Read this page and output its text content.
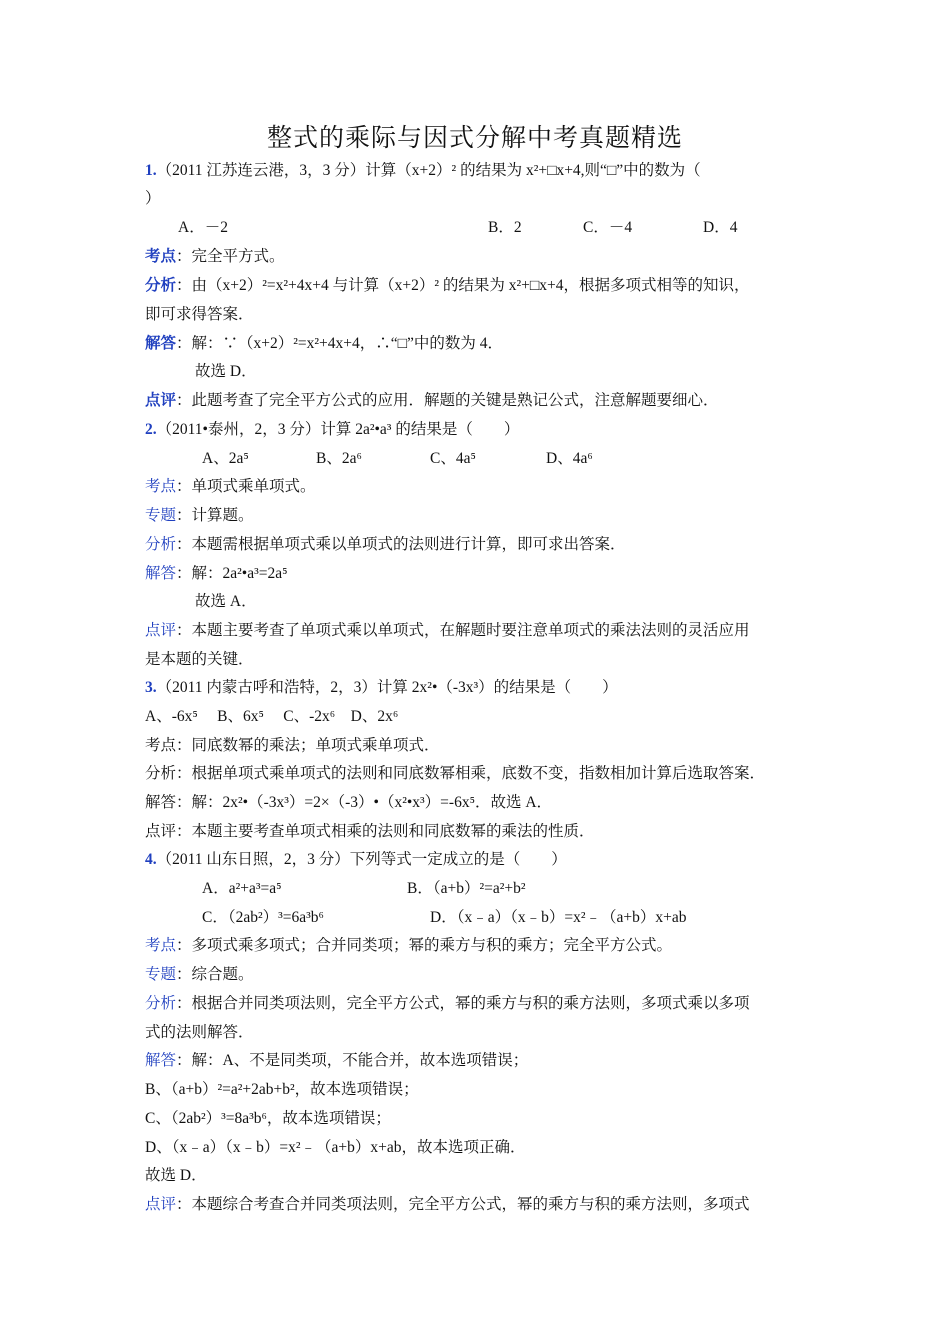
整式的乘际与因式分解中考真题精选
1.（2011 江苏连云港，3，3 分）计算（x+2）² 的结果为 x²+□x+4,则“□”中的数为（
）
A．－2	B．2	C．－4	D．4
考点：完全平方式。
分析：由（x+2）²=x²+4x+4 与计算（x+2）² 的结果为 x²+□x+4，根据多项式相等的知识，
即可求得答案．
解答：解：∵（x+2）²=x²+4x+4，∴“□”中的数为 4．
故选 D．
点评：此题考查了完全平方公式的应用．解题的关键是熟记公式，注意解题要细心．
2.（2011•泰州，2，3 分）计算 2a²•a³ 的结果是（　　）
A、2a⁵	B、2a⁶	C、4a⁵	D、4a⁶
考点：单项式乘单项式。
专题：计算题。
分析：本题需根据单项式乘以单项式的法则进行计算，即可求出答案．
解答：解：2a²•a³=2a⁵
故选 A．
点评：本题主要考查了单项式乘以单项式，在解题时要注意单项式的乘法法则的灵活应用
是本题的关键．
3.（2011 内蒙古呼和浩特，2，3）计算 2x²•（-3x³）的结果是（　　）
A、-6x⁵　 B、6x⁵　 C、-2x⁶　D、2x⁶
考点：同底数幂的乘法；单项式乘单项式．
分析：根据单项式乘单项式的法则和同底数幂相乘，底数不变，指数相加计算后选取答案．
解答：解：2x²•（-3x³）=2×（-3）•（x²•x³）=-6x⁵．故选 A．
点评：本题主要考查单项式相乘的法则和同底数幂的乘法的性质．
4.（2011 山东日照，2，3 分）下列等式一定成立的是（　　）
A．a²+a³=a⁵	B．（a+b）²=a²+b²
C．（2ab²）³=6a³b⁶	D．（x﹣a）（x﹣b）=x²﹣（a+b）x+ab
考点：多项式乘多项式；合并同类项；幂的乘方与积的乘方；完全平方公式。
专题：综合题。
分析：根据合并同类项法则，完全平方公式，幂的乘方与积的乘方法则，多项式乘以多项
式的法则解答．
解答：解：A、不是同类项，不能合并，故本选项错误；
B、（a+b）²=a²+2ab+b²，故本选项错误；
C、（2ab²）³=8a³b⁶，故本选项错误；
D、（x﹣a）（x﹣b）=x²﹣（a+b）x+ab，故本选项正确．
故选 D．
点评：本题综合考查合并同类项法则，完全平方公式，幂的乘方与积的乘方法则，多项式
